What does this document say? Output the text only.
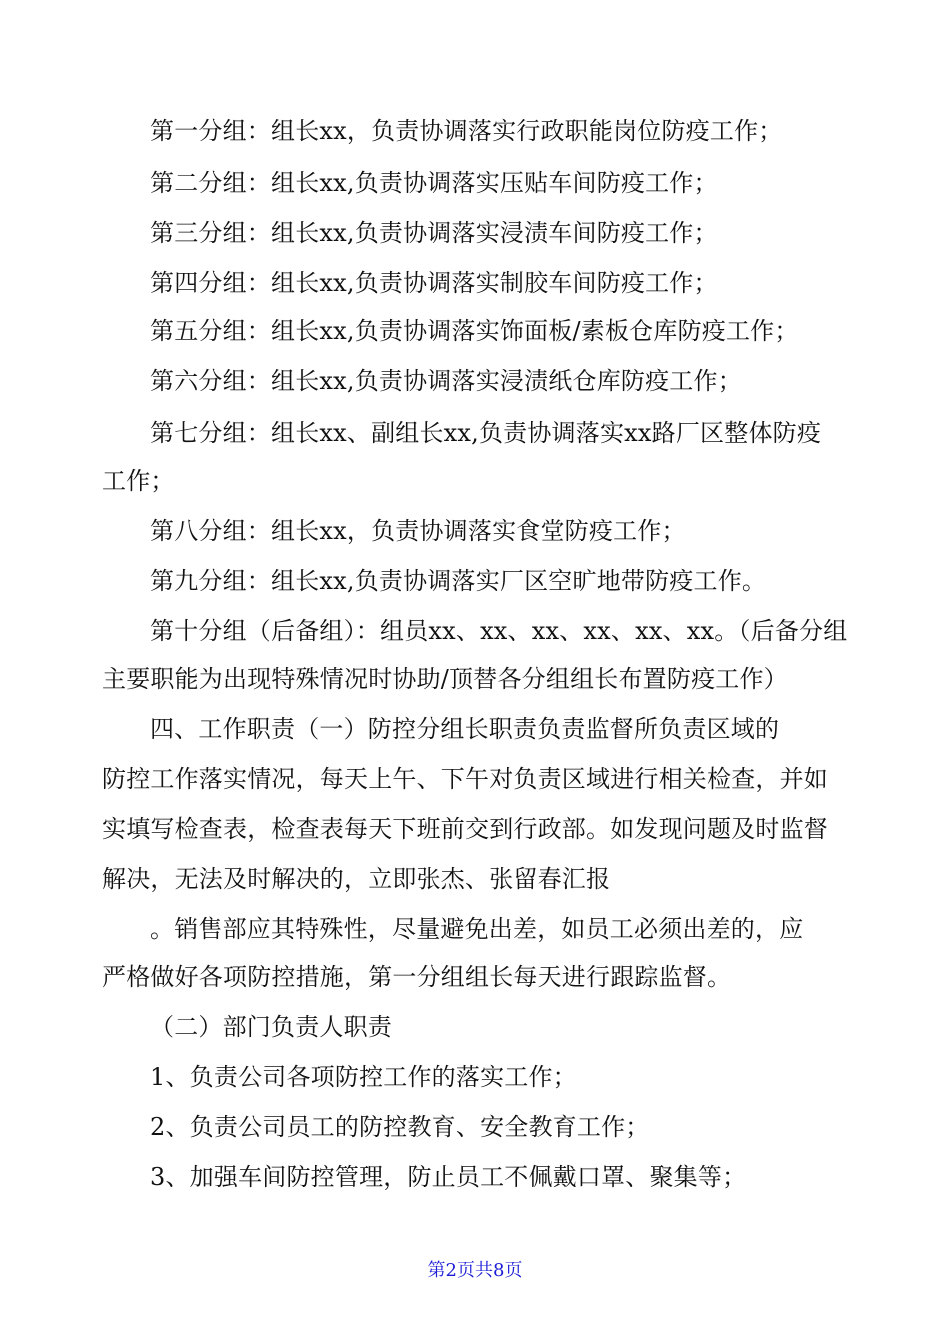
第一分组：组长xx，负责协调落实行政职能岗位防疫工作；
第二分组：组长xx,负责协调落实压贴车间防疫工作；
第三分组：组长xx,负责协调落实浸渍车间防疫工作；
第四分组：组长xx,负责协调落实制胶车间防疫工作；
第五分组：组长xx,负责协调落实饰面板/素板仓库防疫工作；
第六分组：组长xx,负责协调落实浸渍纸仓库防疫工作；
第七分组：组长xx、副组长xx,负责协调落实xx路厂区整体防疫
工作；
第八分组：组长xx，负责协调落实食堂防疫工作；
第九分组：组长xx,负责协调落实厂区空旷地带防疫工作。
第十分组（后备组）：组员xx、xx、xx、xx、xx、xx。（后备分组
主要职能为出现特殊情况时协助/顶替各分组组长布置防疫工作）
四、工作职责（一）防控分组长职责负责监督所负责区域的
防控工作落实情况，每天上午、下午对负责区域进行相关检查，并如
实填写检查表，检查表每天下班前交到行政部。如发现问题及时监督
解决，无法及时解决的，立即张杰、张留春汇报
。销售部应其特殊性，尽量避免出差，如员工必须出差的，应
严格做好各项防控措施，第一分组组长每天进行跟踪监督。
（二）部门负责人职责
1、负责公司各项防控工作的落实工作；
2、负责公司员工的防控教育、安全教育工作；
3、加强车间防控管理，防止员工不佩戴口罩、聚集等；
第2页共8页
